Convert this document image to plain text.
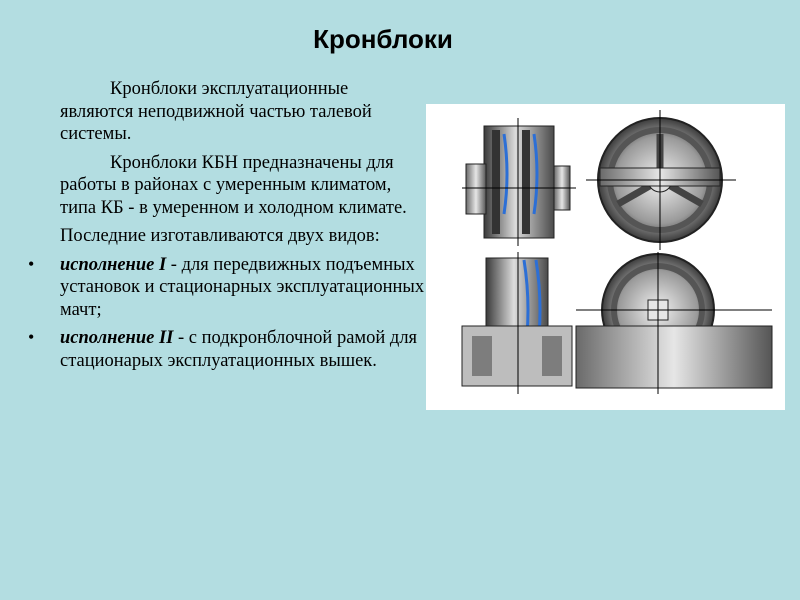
Кронблоки

Кронблоки эксплуатационные являются неподвижной частью талевой системы.

Кронблоки КБН предназначены для работы в районах с умеренным климатом, типа КБ - в умеренном и холодном климате.

Последние изготавливаются двух видов:

• исполнение I - для передвижных подъемных установок и стационарных эксплуатационных мачт;
• исполнение II - с подкронблочной рамой для стационарых эксплуатационных вышек.
